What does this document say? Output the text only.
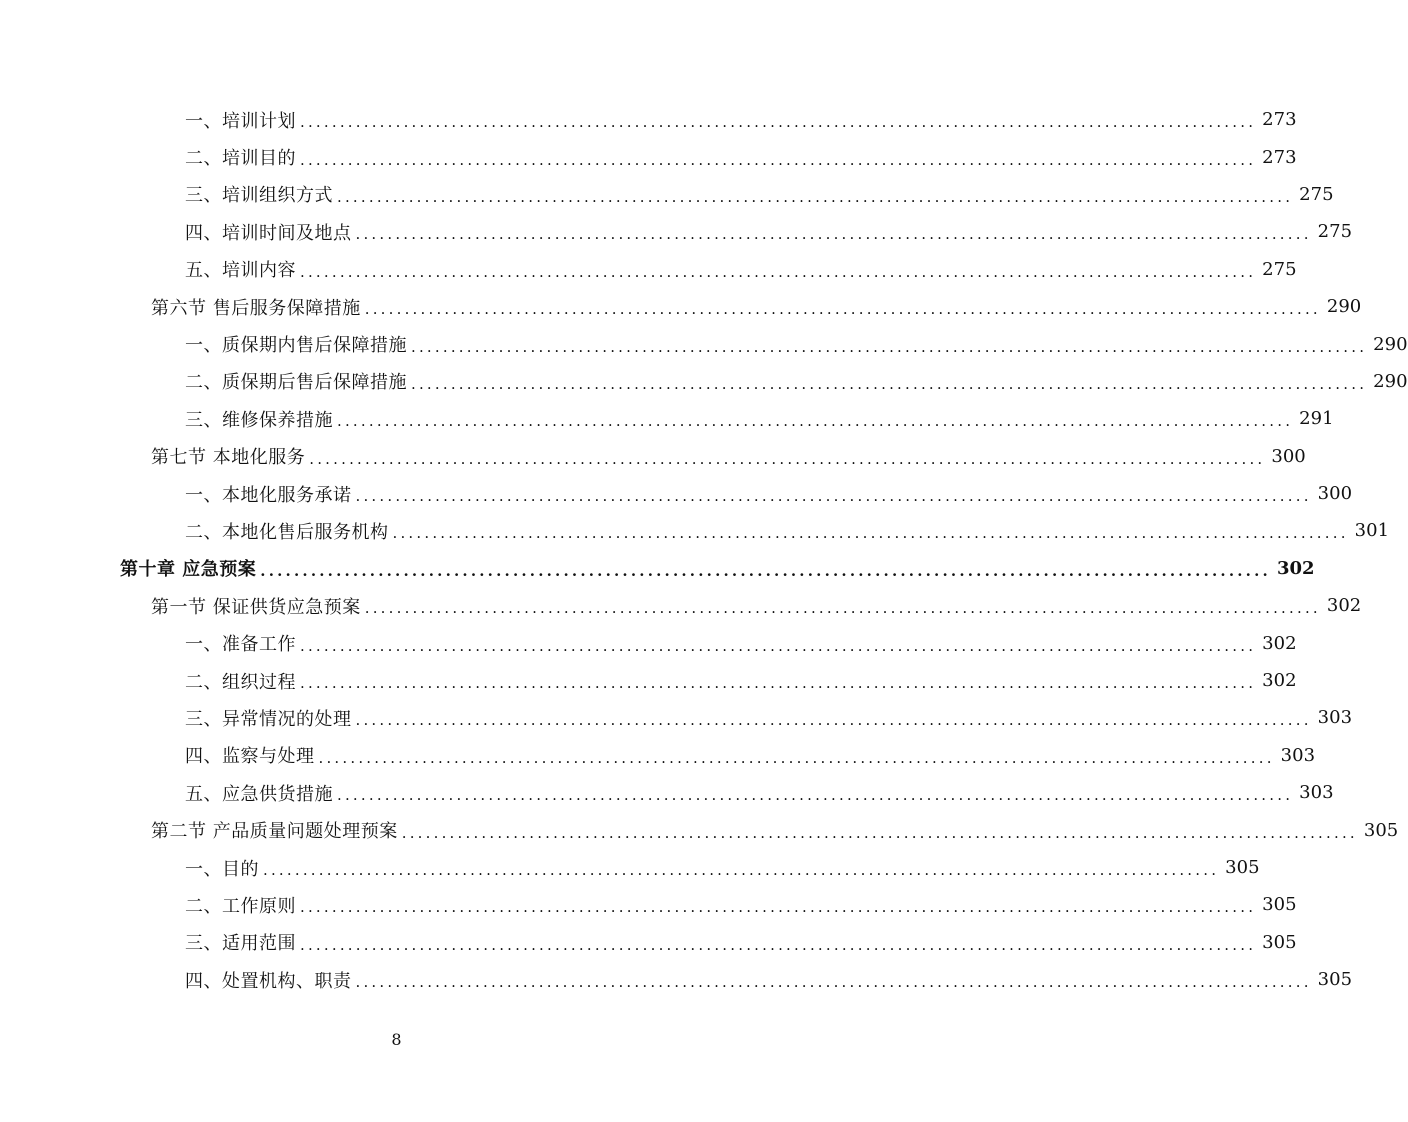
一、培训计划 ........................................................................................................................ 273
二、培训目的 ........................................................................................................................ 273
三、培训组织方式 ........................................................................................................................ 275
四、培训时间及地点 ........................................................................................................................ 275
五、培训内容 ........................................................................................................................ 275
第六节 售后服务保障措施 ........................................................................................................................ 290
一、质保期内售后保障措施 ........................................................................................................................ 290
二、质保期后售后保障措施 ........................................................................................................................ 290
三、维修保养措施 ........................................................................................................................ 291
第七节 本地化服务 ........................................................................................................................ 300
一、本地化服务承诺 ........................................................................................................................ 300
二、本地化售后服务机构 ........................................................................................................................ 301
第十章 应急预案 ........................................................................................................................ 302
第一节 保证供货应急预案 ........................................................................................................................ 302
一、准备工作 ........................................................................................................................ 302
二、组织过程 ........................................................................................................................ 302
三、异常情况的处理 ........................................................................................................................ 303
四、监察与处理 ........................................................................................................................ 303
五、应急供货措施 ........................................................................................................................ 303
第二节 产品质量问题处理预案 ........................................................................................................................ 305
一、目的 ........................................................................................................................ 305
二、工作原则 ........................................................................................................................ 305
三、适用范围 ........................................................................................................................ 305
四、处置机构、职责 ........................................................................................................................ 305
8
